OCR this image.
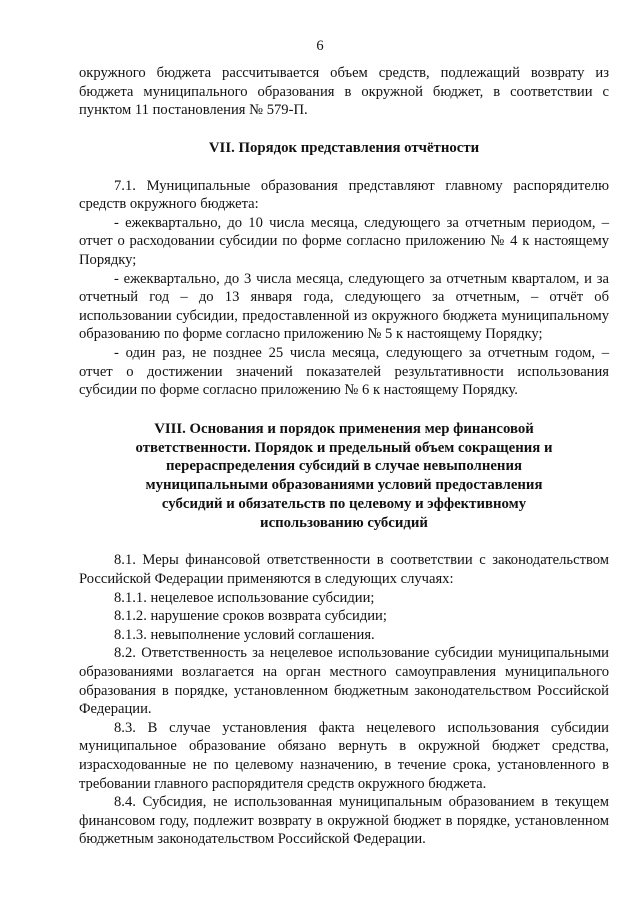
6

окружного бюджета рассчитывается объем средств, подлежащий возврату из бюджета муниципального образования в окружной бюджет, в соответствии с пунктом 11 постановления № 579-П.

VII. Порядок представления отчётности

7.1. Муниципальные образования представляют главному распорядителю средств окружного бюджета:

- ежеквартально, до 10 числа месяца, следующего за отчетным периодом, – отчет о расходовании субсидии по форме согласно приложению № 4 к настоящему Порядку;

- ежеквартально, до 3 числа месяца, следующего за отчетным кварталом, и за отчетный год – до 13 января года, следующего за отчетным, – отчёт об использовании субсидии, предоставленной из окружного бюджета муниципальному образованию по форме согласно приложению № 5 к настоящему Порядку;

- один раз, не позднее 25 числа месяца, следующего за отчетным годом, – отчет о достижении значений показателей результативности использования субсидии по форме согласно приложению № 6 к настоящему Порядку.

VIII. Основания и порядок применения мер финансовой ответственности. Порядок и предельный объем сокращения и перераспределения субсидий в случае невыполнения муниципальными образованиями условий предоставления субсидий и обязательств по целевому и эффективному использованию субсидий

8.1. Меры финансовой ответственности в соответствии с законодательством Российской Федерации применяются в следующих случаях:

8.1.1. нецелевое использование субсидии;

8.1.2. нарушение сроков возврата субсидии;

8.1.3. невыполнение условий соглашения.

8.2. Ответственность за нецелевое использование субсидии муниципальными образованиями возлагается на орган местного самоуправления муниципального образования в порядке, установленном бюджетным законодательством Российской Федерации.

8.3. В случае установления факта нецелевого использования субсидии муниципальное образование обязано вернуть в окружной бюджет средства, израсходованные не по целевому назначению, в течение срока, установленного в требовании главного распорядителя средств окружного бюджета.

8.4. Субсидия, не использованная муниципальным образованием в текущем финансовом году, подлежит возврату в окружной бюджет в порядке, установленном бюджетным законодательством Российской Федерации.
